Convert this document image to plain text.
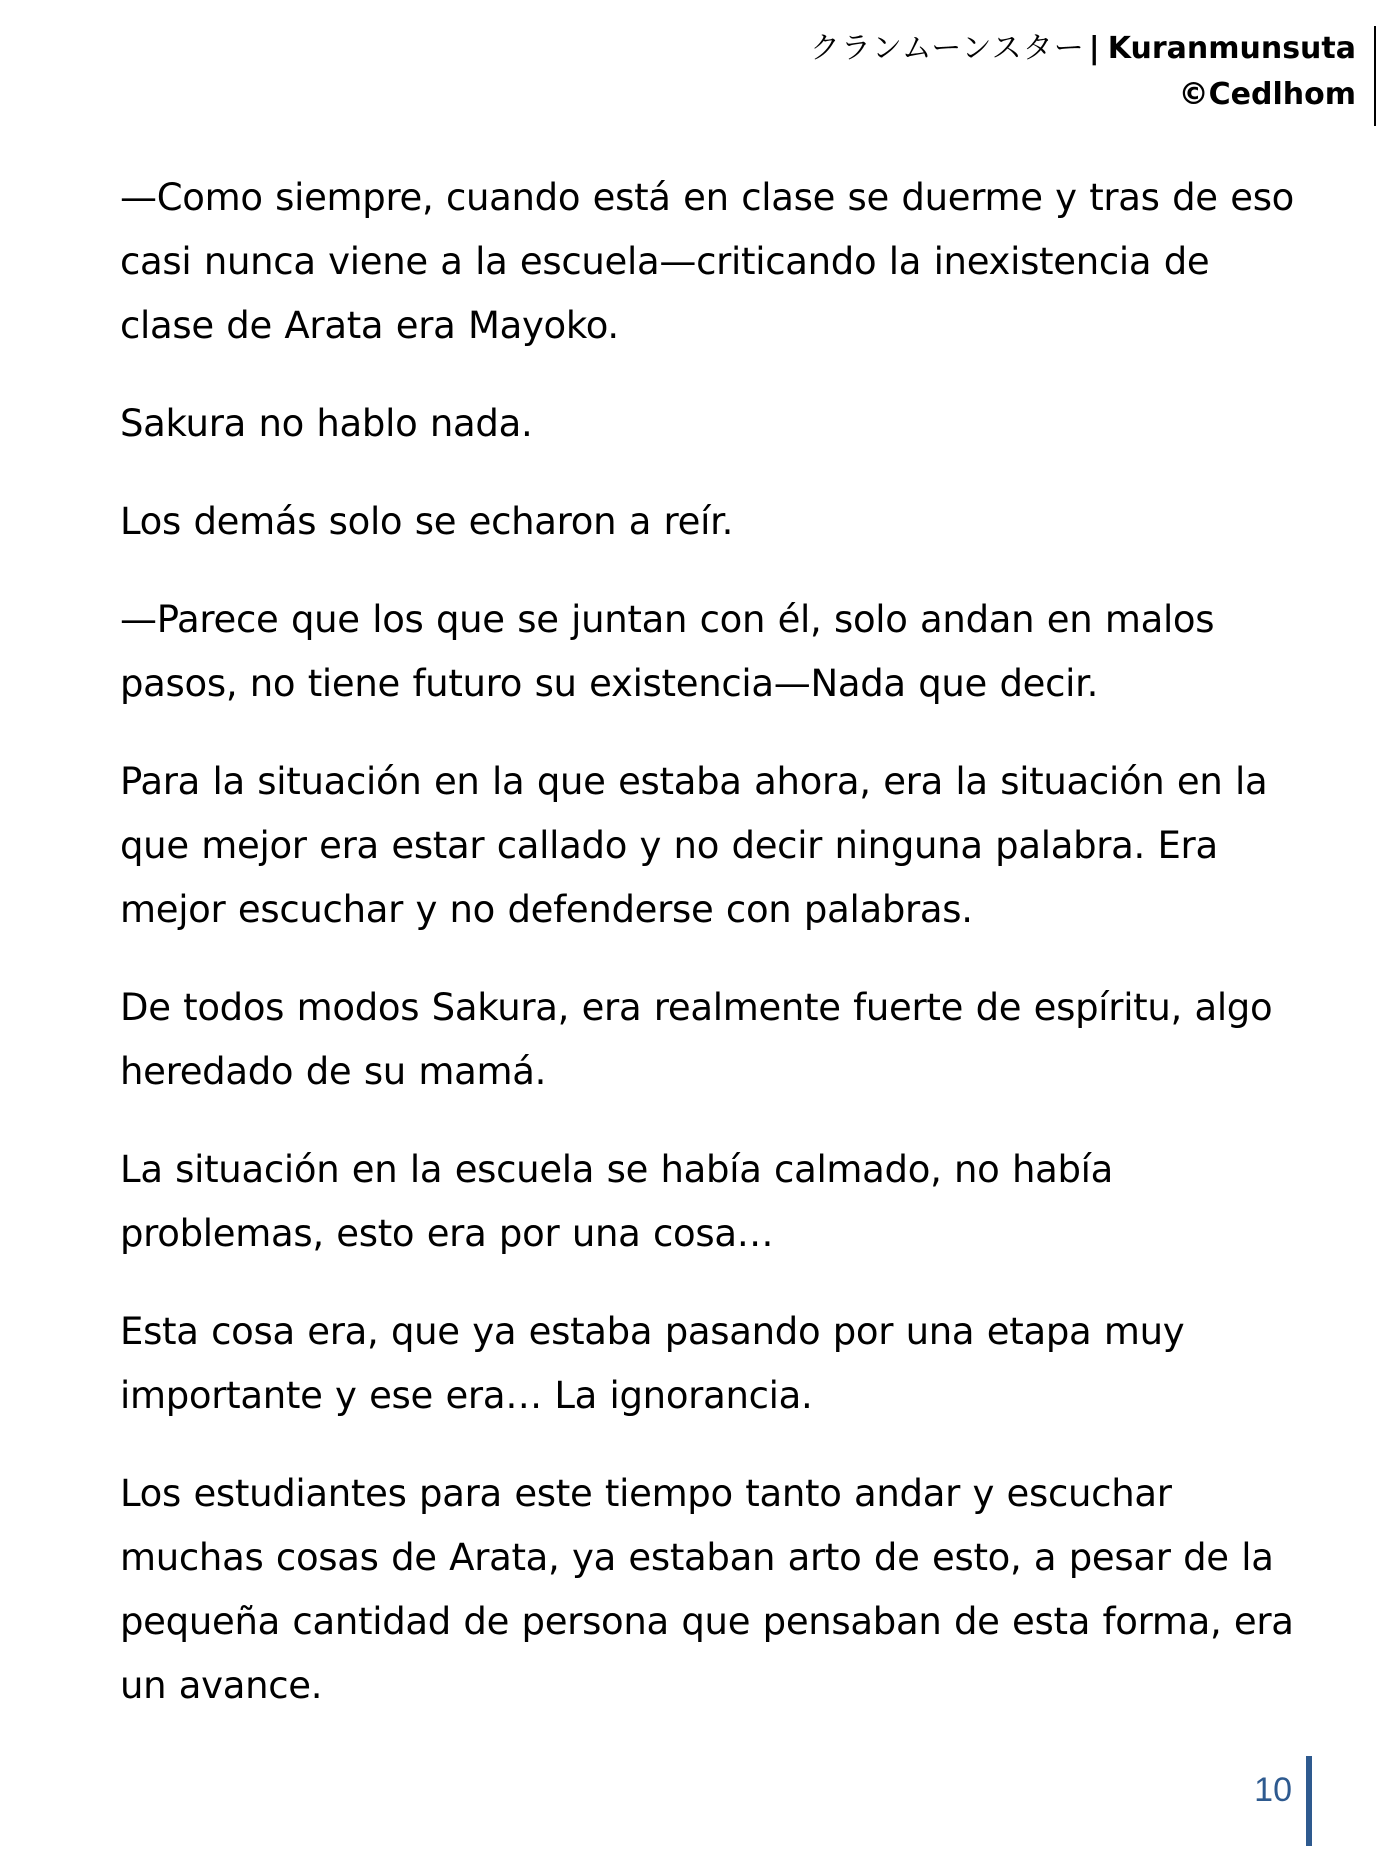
クランムーンスター | Kuranmunsuta
©Cedlhom

—Como siempre, cuando está en clase se duerme y tras de eso casi nunca viene a la escuela—criticando la inexistencia de clase de Arata era Mayoko.

Sakura no hablo nada.

Los demás solo se echaron a reír.

—Parece que los que se juntan con él, solo andan en malos pasos, no tiene futuro su existencia—Nada que decir.

Para la situación en la que estaba ahora, era la situación en la que mejor era estar callado y no decir ninguna palabra. Era mejor escuchar y no defenderse con palabras.

De todos modos Sakura, era realmente fuerte de espíritu, algo heredado de su mamá.

La situación en la escuela se había calmado, no había problemas, esto era por una cosa…

Esta cosa era, que ya estaba pasando por una etapa muy importante y ese era… La ignorancia.

Los estudiantes para este tiempo tanto andar y escuchar muchas cosas de Arata, ya estaban arto de esto, a pesar de la pequeña cantidad de persona que pensaban de esta forma, era un avance.

10
